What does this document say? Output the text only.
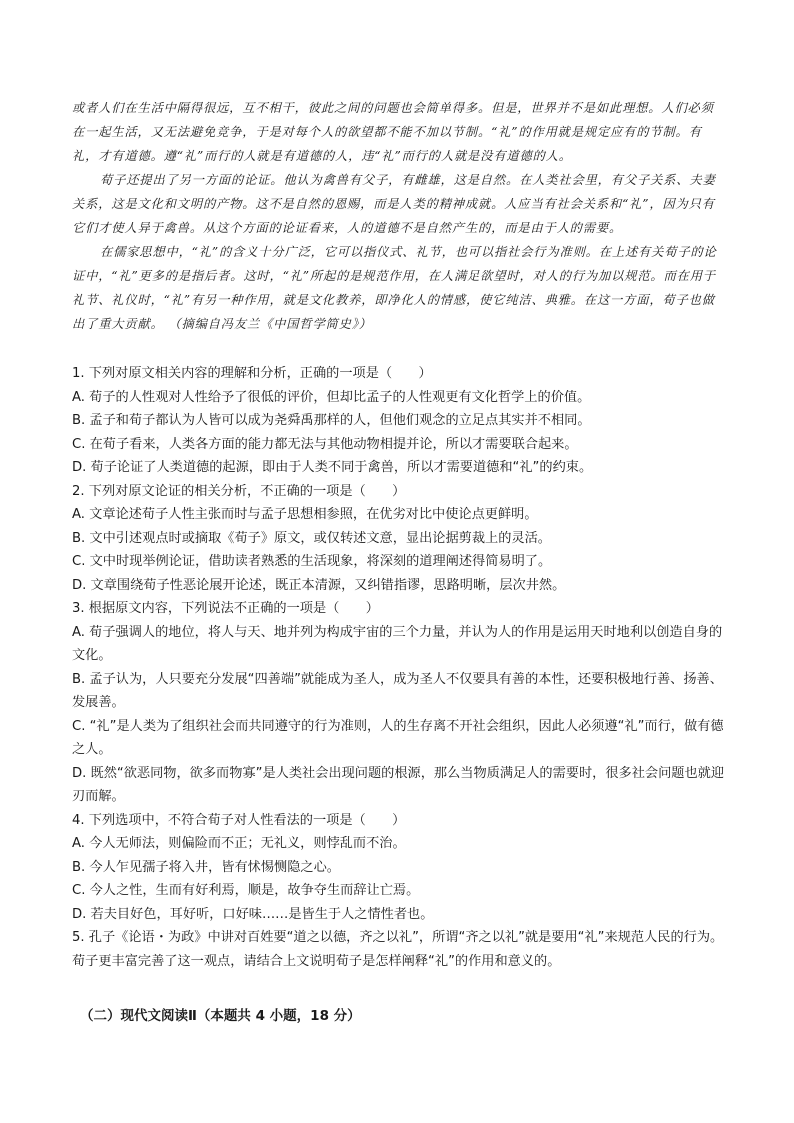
或者人们在生活中隔得很远，互不相干，彼此之间的问题也会简单得多。但是，世界并不是如此理想。人们必须在一起生活，又无法避免竞争，于是对每个人的欲望都不能不加以节制。“礼”的作用就是规定应有的节制。有礼，才有道德。遵“礼”而行的人就是有道德的人，违“礼”而行的人就是没有道德的人。

荀子还提出了另一方面的论证。他认为禽兽有父子，有雌雄，这是自然。在人类社会里，有父子关系、夫妻关系，这是文化和文明的产物。这不是自然的恩赐，而是人类的精神成就。人应当有社会关系和“礼”，因为只有它们才使人异于禽兽。从这个方面的论证看来，人的道德不是自然产生的，而是由于人的需要。

在儒家思想中，“礼”的含义十分广泛，它可以指仪式、礼节，也可以指社会行为准则。在上述有关荀子的论证中，“礼”更多的是指后者。这时，“礼”所起的是规范作用，在人满足欲望时，对人的行为加以规范。而在用于礼节、礼仪时，“礼”有另一种作用，就是文化教养，即净化人的情感，使它纯洁、典雅。在这一方面，荀子也做出了重大贡献。 （摘编自冯友兰《中国哲学简史》）

1. 下列对原文相关内容的理解和分析，正确的一项是（　　）

A. 荀子的人性观对人性给予了很低的评价，但却比孟子的人性观更有文化哲学上的价值。

B. 孟子和荀子都认为人皆可以成为尧舜禹那样的人，但他们观念的立足点其实并不相同。

C. 在荀子看来，人类各方面的能力都无法与其他动物相提并论，所以才需要联合起来。

D. 荀子论证了人类道德的起源，即由于人类不同于禽兽，所以才需要道德和“礼”的约束。

2. 下列对原文论证的相关分析，不正确的一项是（　　）

A. 文章论述荀子人性主张而时与孟子思想相参照，在优劣对比中使论点更鲜明。

B. 文中引述观点时或摘取《荀子》原文，或仅转述文意，显出论据剪裁上的灵活。

C. 文中时现举例论证，借助读者熟悉的生活现象，将深刻的道理阐述得简易明了。

D. 文章围绕荀子性恶论展开论述，既正本清源，又纠错指谬，思路明晰，层次井然。

3. 根据原文内容，下列说法不正确的一项是（　　）

A. 荀子强调人的地位，将人与天、地并列为构成宇宙的三个力量，并认为人的作用是运用天时地利以创造自身的文化。

B. 孟子认为，人只要充分发展“四善端”就能成为圣人，成为圣人不仅要具有善的本性，还要积极地行善、扬善、发展善。

C. “礼”是人类为了组织社会而共同遵守的行为准则，人的生存离不开社会组织，因此人必须遵“礼”而行，做有德之人。

D. 既然“欲恶同物，欲多而物寡”是人类社会出现问题的根源，那么当物质满足人的需要时，很多社会问题也就迎刃而解。

4. 下列选项中，不符合荀子对人性看法的一项是（　　）

A. 今人无师法，则偏险而不正；无礼义，则悖乱而不治。

B. 今人乍见孺子将入井，皆有怵惕恻隐之心。

C. 今人之性，生而有好利焉，顺是，故争夺生而辞让亡焉。

D. 若夫目好色，耳好听，口好味……是皆生于人之情性者也。

5. 孔子《论语・为政》中讲对百姓要“道之以德，齐之以礼”，所谓“齐之以礼”就是要用“礼”来规范人民的行为。荀子更丰富完善了这一观点，请结合上文说明荀子是怎样阐释“礼”的作用和意义的。

（二）现代文阅读Ⅱ（本题共 4 小题，18 分）
